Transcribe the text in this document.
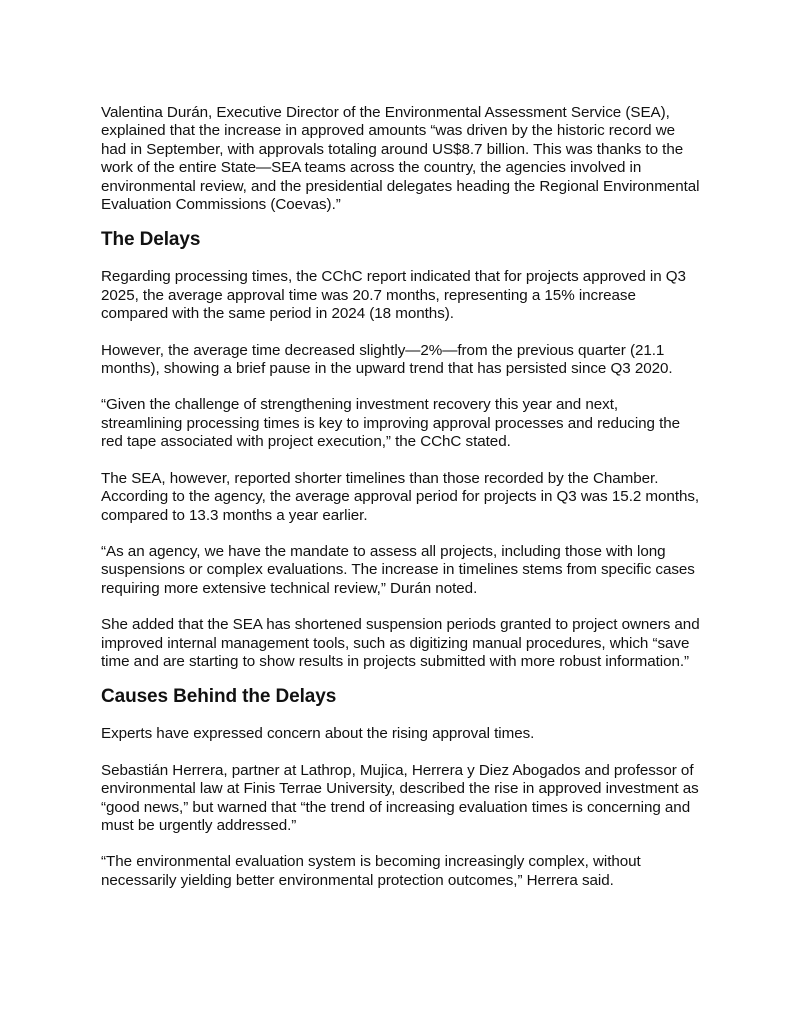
Valentina Durán, Executive Director of the Environmental Assessment Service (SEA), explained that the increase in approved amounts “was driven by the historic record we had in September, with approvals totaling around US$8.7 billion. This was thanks to the work of the entire State—SEA teams across the country, the agencies involved in environmental review, and the presidential delegates heading the Regional Environmental Evaluation Commissions (Coevas).”

The Delays

Regarding processing times, the CChC report indicated that for projects approved in Q3 2025, the average approval time was 20.7 months, representing a 15% increase compared with the same period in 2024 (18 months).

However, the average time decreased slightly—2%—from the previous quarter (21.1 months), showing a brief pause in the upward trend that has persisted since Q3 2020.

“Given the challenge of strengthening investment recovery this year and next, streamlining processing times is key to improving approval processes and reducing the red tape associated with project execution,” the CChC stated.

The SEA, however, reported shorter timelines than those recorded by the Chamber. According to the agency, the average approval period for projects in Q3 was 15.2 months, compared to 13.3 months a year earlier.

“As an agency, we have the mandate to assess all projects, including those with long suspensions or complex evaluations. The increase in timelines stems from specific cases requiring more extensive technical review,” Durán noted.

She added that the SEA has shortened suspension periods granted to project owners and improved internal management tools, such as digitizing manual procedures, which “save time and are starting to show results in projects submitted with more robust information.”

Causes Behind the Delays

Experts have expressed concern about the rising approval times.

Sebastián Herrera, partner at Lathrop, Mujica, Herrera y Diez Abogados and professor of environmental law at Finis Terrae University, described the rise in approved investment as “good news,” but warned that “the trend of increasing evaluation times is concerning and must be urgently addressed.”

“The environmental evaluation system is becoming increasingly complex, without necessarily yielding better environmental protection outcomes,” Herrera said.
